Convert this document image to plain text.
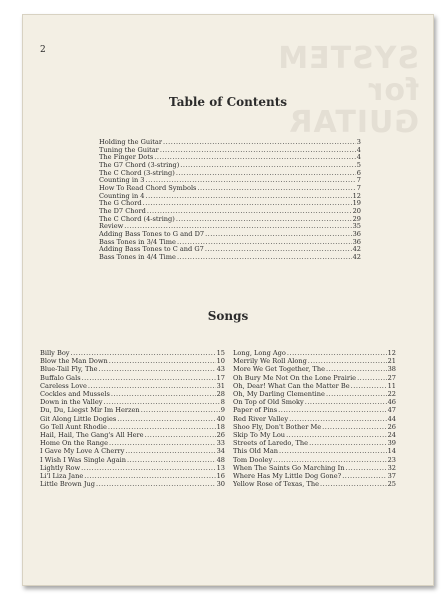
SYSTEM for GUITAR
2
Table of Contents
Holding the Guitar .....	3
Tuning the Guitar .....	4
The Finger Dots .....	4
The G7 Chord (3-string) .....	5
The C Chord (3-string) .....	6
Counting in 3 .....	7
How To Read Chord Symbols .....	7
Counting in 4 .....	12
The G Chord .....	19
The D7 Chord .....	20
The C Chord (4-string) .....	29
Review .....	35
Adding Bass Tones to G and D7 .....	36
Bass Tones in 3/4 Time .....	36
Adding Bass Tones to C and G7 .....	42
Bass Tones in 4/4 Time .....	42
Songs
Billy Boy .....	15
Blow the Man Down .....	10
Blue-Tail Fly, The .....	43
Buffalo Gals .....	17
Careless Love .....	31
Cockles and Mussels .....	28
Down in the Valley .....	8
Du, Du, Liegst Mir Im Herzen .....	9
Git Along Little Dogies .....	40
Go Tell Aunt Rhodie .....	18
Hail, Hail, The Gang's All Here .....	26
Home On the Range .....	33
I Gave My Love A Cherry .....	34
I Wish I Was Single Again .....	48
Lightly Row .....	13
Li'l Liza Jane .....	16
Little Brown Jug .....	30
Long, Long Ago .....	12
Merrily We Roll Along .....	21
More We Get Together, The .....	38
Oh Bury Me Not On the Lone Prairie .....	27
Oh, Dear! What Can the Matter Be .....	11
Oh, My Darling Clementine .....	22
On Top of Old Smoky .....	46
Paper of Pins .....	47
Red River Valley .....	44
Shoo Fly, Don't Bother Me .....	26
Skip To My Lou .....	24
Streets of Laredo, The .....	39
This Old Man .....	14
Tom Dooley .....	23
When The Saints Go Marching In .....	32
Where Has My Little Dog Gone? .....	37
Yellow Rose of Texas, The .....	25
